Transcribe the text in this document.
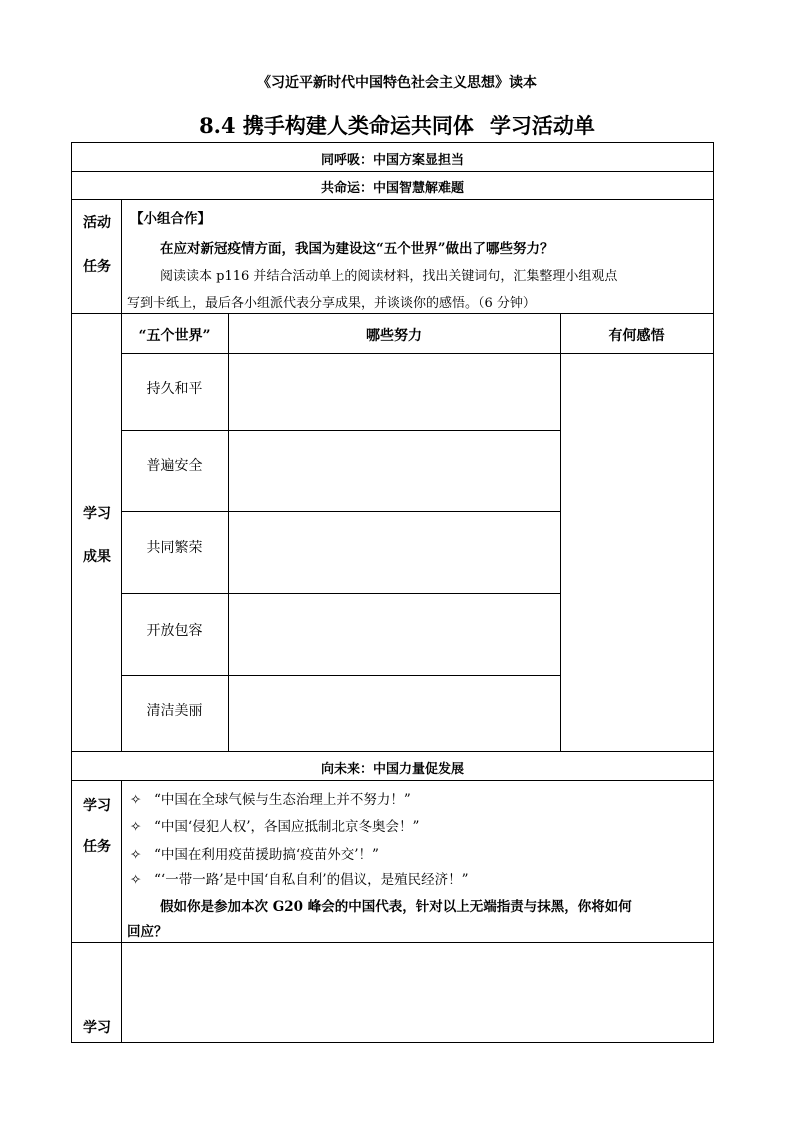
《习近平新时代中国特色社会主义思想》读本
8.4 携手构建人类命运共同体 学习活动单
同呼吸：中国方案显担当
共命运：中国智慧解难题
向未来：中国力量促发展
活动
任务
【小组合作】
在应对新冠疫情方面，我国为建设这“五个世界”做出了哪些努力？
阅读读本 p116 并结合活动单上的阅读材料，找出关键词句，汇集整理小组观点
写到卡纸上，最后各小组派代表分享成果，并谈谈你的感悟。（6 分钟）
学习
成果
“五个世界”	哪些努力	有何感悟
持久和平
普遍安全
共同繁荣
开放包容
清洁美丽
学习
任务
✧ “中国在全球气候与生态治理上并不努力！”
✧ “中国‘侵犯人权’，各国应抵制北京冬奥会！”
✧ “中国在利用疫苗援助搞‘疫苗外交’！”
✧ “‘一带一路’是中国‘自私自利’的倡议，是殖民经济！”
假如你是参加本次 G20 峰会的中国代表，针对以上无端指责与抹黑，你将如何
回应？
学习
